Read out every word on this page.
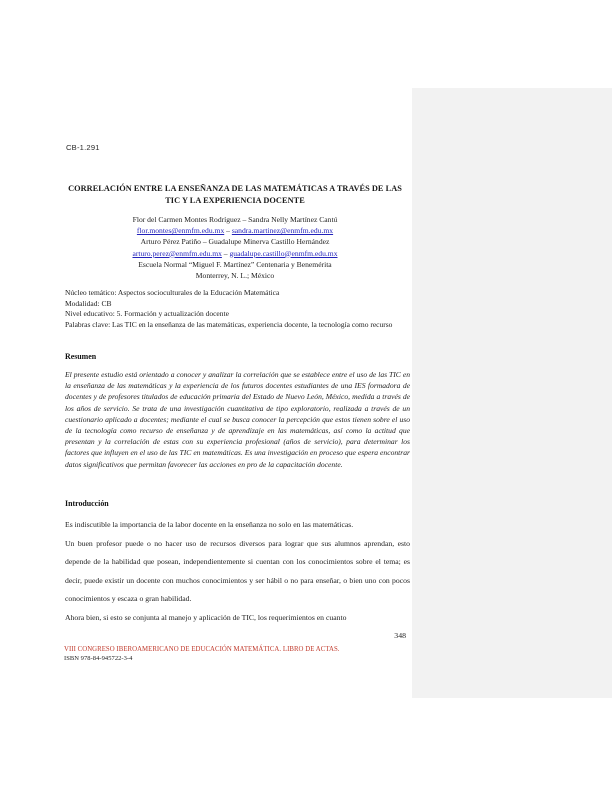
CB-1.291
CORRELACIÓN ENTRE LA ENSEÑANZA DE LAS MATEMÁTICAS A TRAVÉS DE LAS TIC Y LA EXPERIENCIA DOCENTE
Flor del Carmen Montes Rodríguez – Sandra Nelly Martínez Cantú
flor.montes@enmfm.edu.mx – sandra.martinez@enmfm.edu.mx
Arturo Pérez Patiño – Guadalupe Minerva Castillo Hernández
arturo.perez@enmfm.edu.mx – guadalupe.castillo@enmfm.edu.mx
Escuela Normal “Miguel F. Martínez” Centenaria y Benemérita
Monterrey, N. L.; México
Núcleo temático: Aspectos socioculturales de la Educación Matemática
Modalidad: CB
Nivel educativo: 5. Formación y actualización docente
Palabras clave: Las TIC en la enseñanza de las matemáticas, experiencia docente, la tecnología como recurso
Resumen
El presente estudio está orientado a conocer y analizar la correlación que se establece entre el uso de las TIC en la enseñanza de las matemáticas y la experiencia de los futuros docentes estudiantes de una IES formadora de docentes y de profesores titulados de educación primaria del Estado de Nuevo León, México, medida a través de los años de servicio. Se trata de una investigación cuantitativa de tipo exploratorio, realizada a través de un cuestionario aplicado a docentes; mediante el cual se busca conocer la percepción que estos tienen sobre el uso de la tecnología como recurso de enseñanza y de aprendizaje en las matemáticas, así como la actitud que presentan y la correlación de estas con su experiencia profesional (años de servicio), para determinar los factores que influyen en el uso de las TIC en matemáticas. Es una investigación en proceso que espera encontrar datos significativos que permitan favorecer las acciones en pro de la capacitación docente.
Introducción

Es indiscutible la importancia de la labor docente en la enseñanza no solo en las matemáticas.

Un buen profesor puede o no hacer uso de recursos diversos para lograr que sus alumnos aprendan, esto depende de la habilidad que posean, independientemente si cuentan con los conocimientos sobre el tema; es decir, puede existir un docente con muchos conocimientos y ser hábil o no para enseñar, o bien uno con pocos conocimientos y escaza o gran habilidad.

Ahora bien, si esto se conjunta al manejo y aplicación de TIC, los requerimientos en cuanto

348
VIII CONGRESO IBEROAMERICANO DE EDUCACIÓN MATEMÁTICA. LIBRO DE ACTAS.
ISBN 978-84-945722-3-4
